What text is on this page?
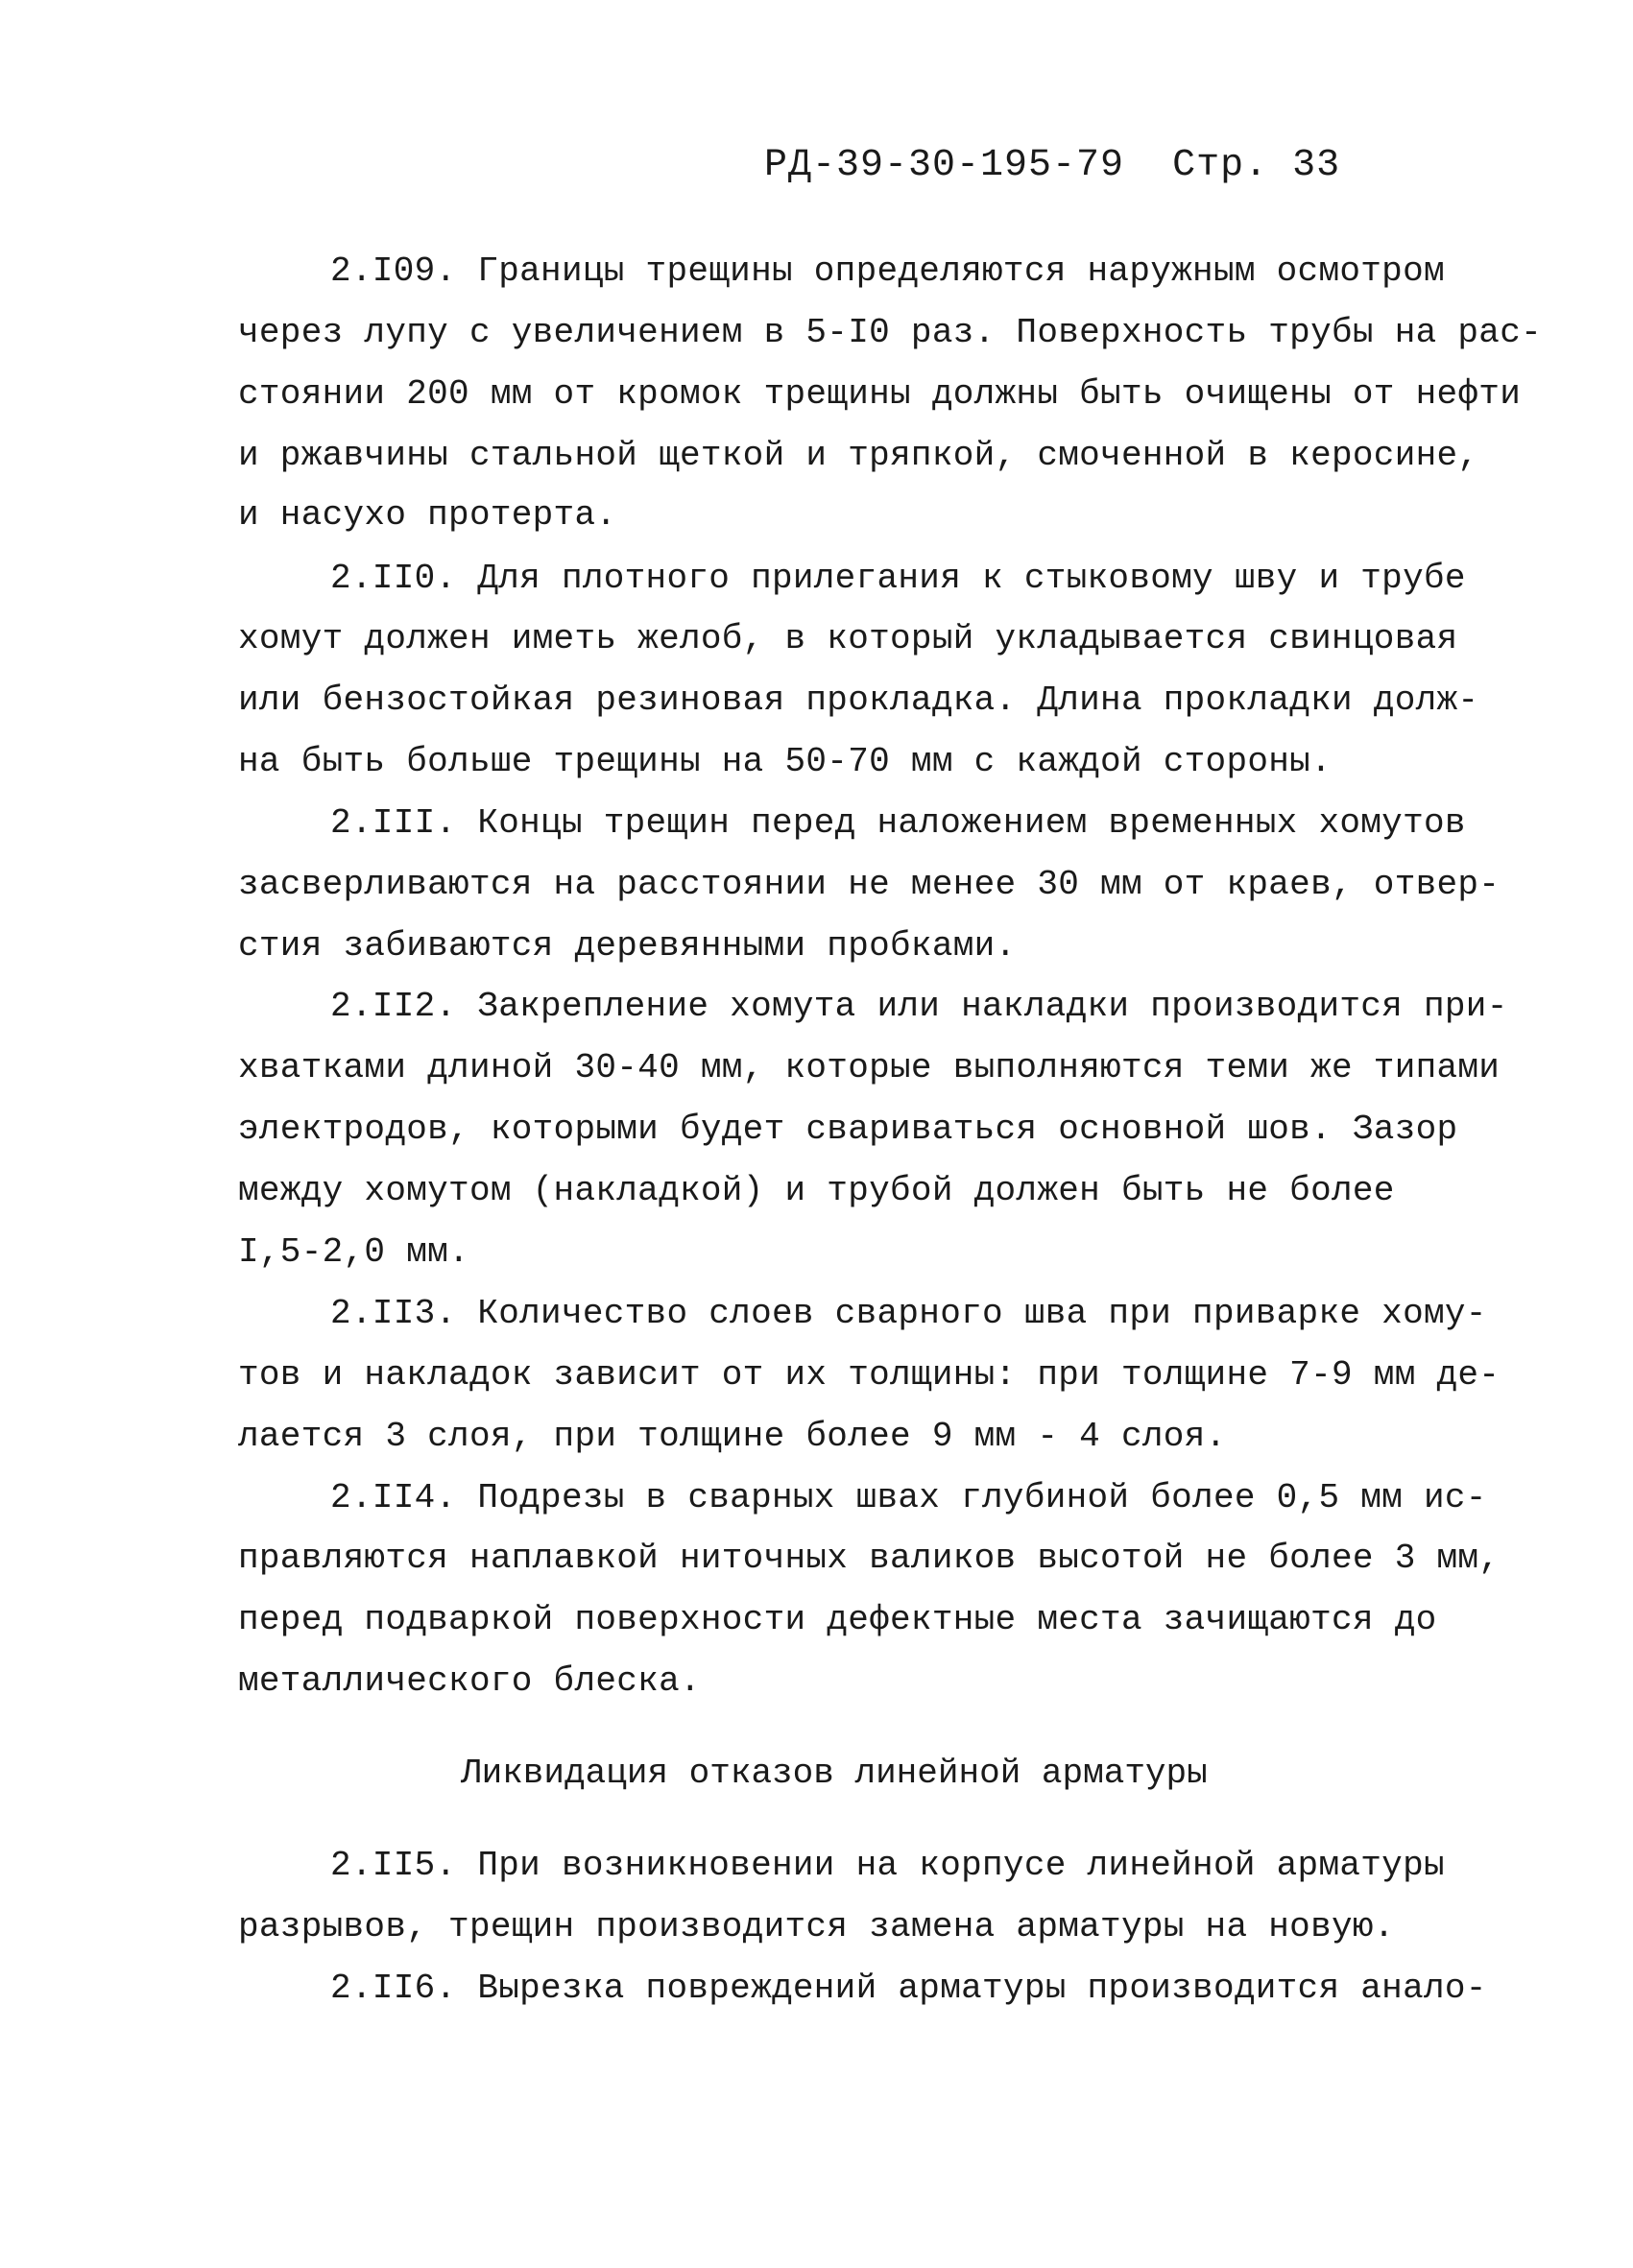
РД-39-30-195-79 Стр. 33
2.I09. Границы трещины определяются наружным осмотром
через лупу с увеличением в 5-I0 раз. Поверхность трубы на рас-
стоянии 200 мм от кромок трещины должны быть очищены от нефти
и ржавчины стальной щеткой и тряпкой, смоченной в керосине,
и насухо протерта.
2.II0. Для плотного прилегания к стыковому шву и трубе
хомут должен иметь желоб, в который укладывается свинцовая
или бензостойкая резиновая прокладка. Длина прокладки долж-
на быть больше трещины на 50-70 мм с каждой стороны.
2.III. Концы трещин перед наложением временных хомутов
засверливаются на расстоянии не менее 30 мм от краев, отвер-
стия забиваются деревянными пробками.
2.II2. Закрепление хомута или накладки производится при-
хватками длиной 30-40 мм, которые выполняются теми же типами
электродов, которыми будет свариваться основной шов. Зазор
между хомутом (накладкой) и трубой должен быть не более
I,5-2,0 мм.
2.II3. Количество слоев сварного шва при приварке хому-
тов и накладок зависит от их толщины: при толщине 7-9 мм де-
лается 3 слоя, при толщине более 9 мм - 4 слоя.
2.II4. Подрезы в сварных швах глубиной более 0,5 мм ис-
правляются наплавкой ниточных валиков высотой не более 3 мм,
перед подваркой поверхности дефектные места зачищаются до
металлического блеска.
Ликвидация отказов линейной арматуры
2.II5. При возникновении на корпусе линейной арматуры
разрывов, трещин производится замена арматуры на новую.
2.II6. Вырезка повреждений арматуры производится анало-
